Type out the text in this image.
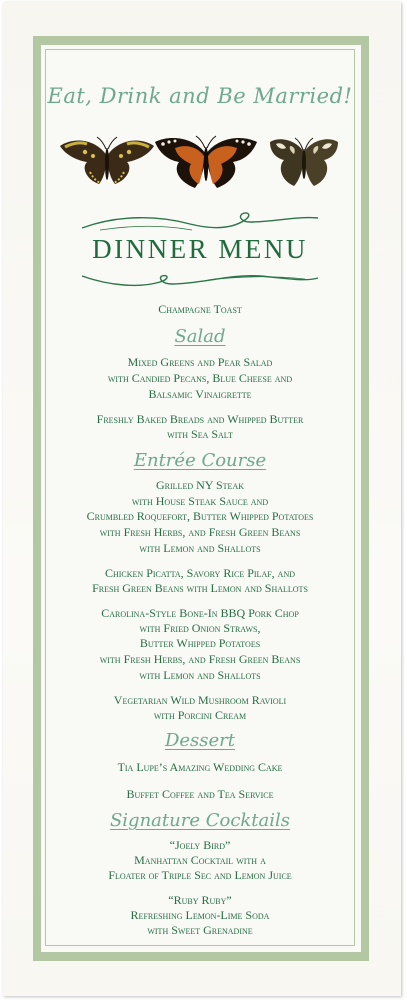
Eat, Drink and Be Married!
DINNER MENU
Champagne Toast
Salad
Mixed Greens and Pear Salad
with Candied Pecans, Blue Cheese and
Balsamic Vinaigrette
Freshly Baked Breads and Whipped Butter
with Sea Salt
Entrée Course
Grilled NY Steak
with House Steak Sauce and
Crumbled Roquefort, Butter Whipped Potatoes
with Fresh Herbs, and Fresh Green Beans
with Lemon and Shallots
Chicken Picatta, Savory Rice Pilaf, and
Fresh Green Beans with Lemon and Shallots
Carolina-Style Bone-In BBQ Pork Chop
with Fried Onion Straws,
Butter Whipped Potatoes
with Fresh Herbs, and Fresh Green Beans
with Lemon and Shallots
Vegetarian Wild Mushroom Ravioli
with Porcini Cream
Dessert
Tia Lupe’s Amazing Wedding Cake
Buffet Coffee and Tea Service
Signature Cocktails
“Joely Bird”
Manhattan Cocktail with a
Floater of Triple Sec and Lemon Juice
“Ruby Ruby”
Refreshing Lemon-Lime Soda
with Sweet Grenadine
